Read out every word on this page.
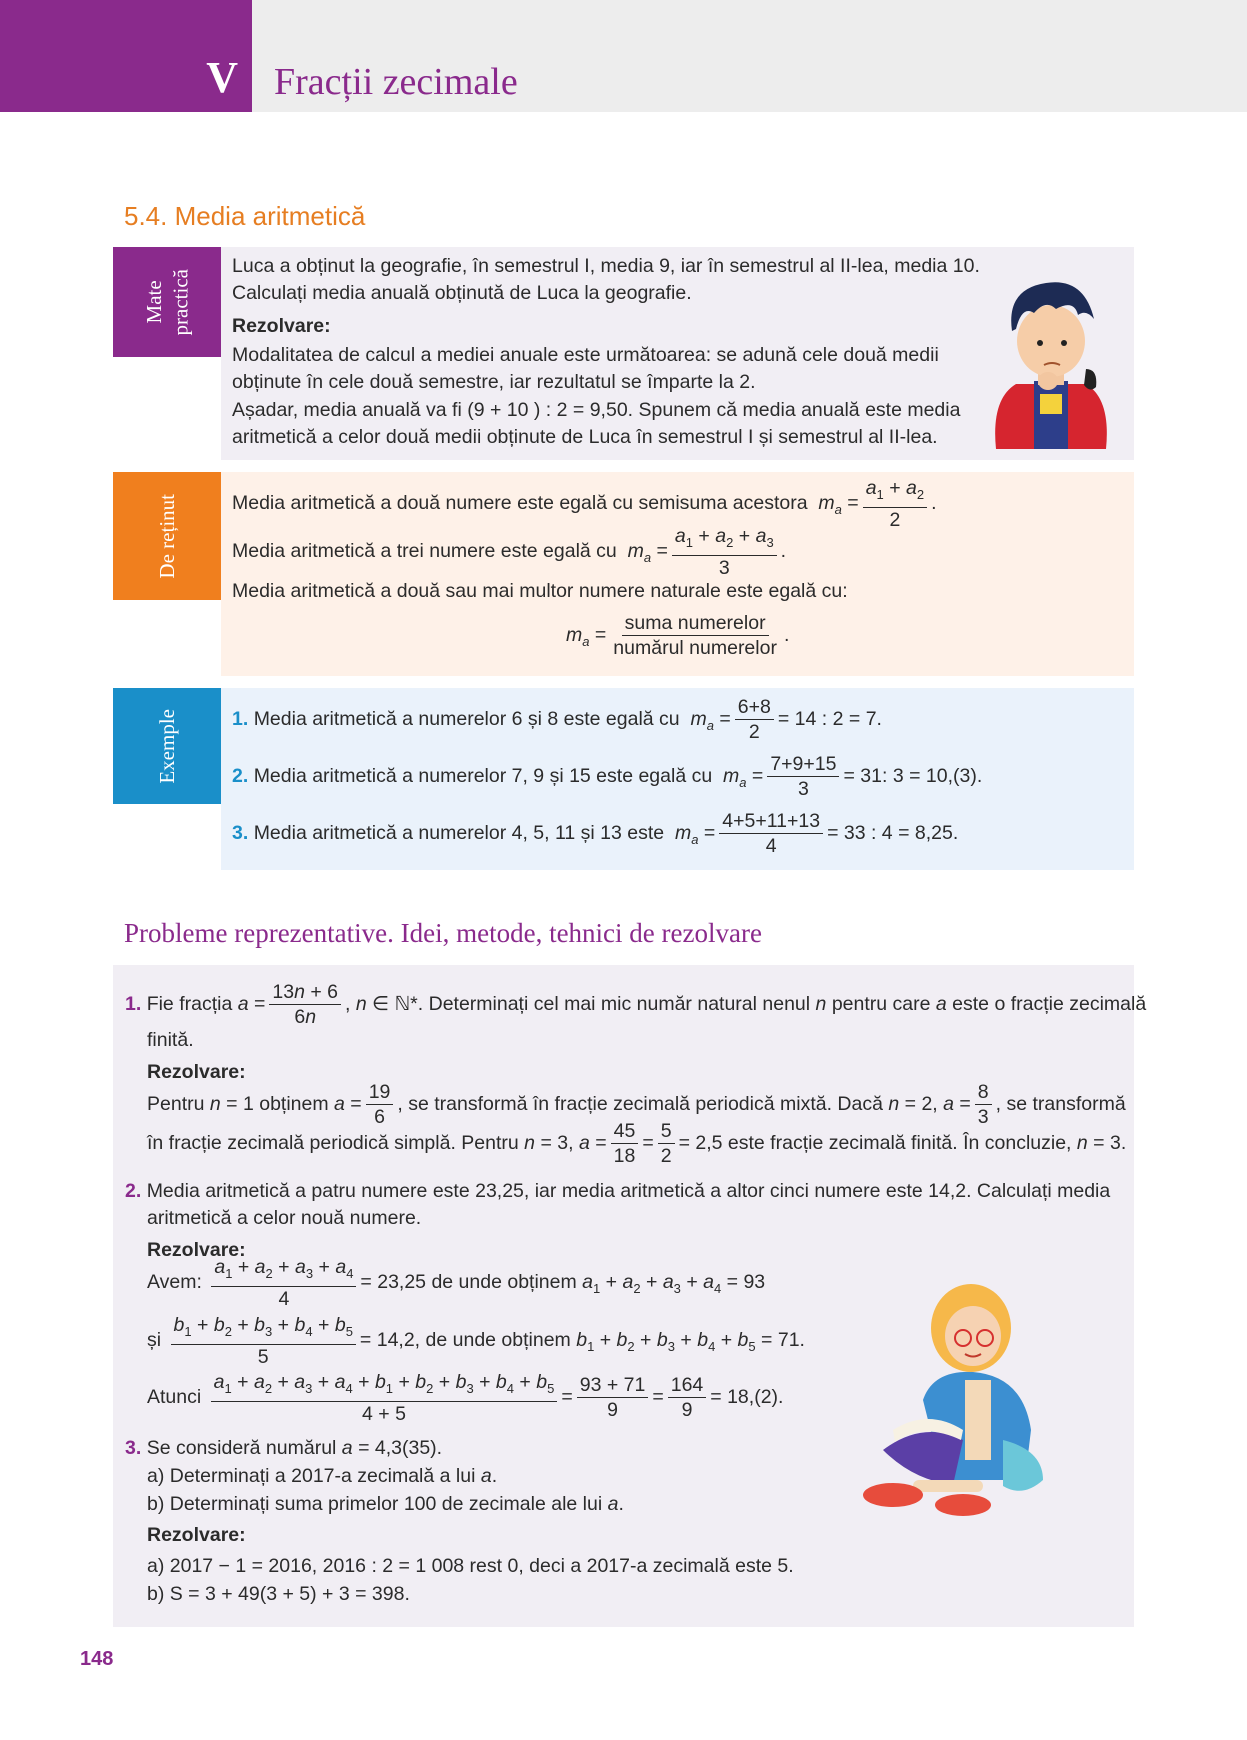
V Fracții zecimale
5.4. Media aritmetică
Mate practică
Luca a obținut la geografie, în semestrul I, media 9, iar în semestrul al II-lea, media 10.
Calculați media anuală obținută de Luca la geografie.
Rezolvare:
Modalitatea de calcul a mediei anuale este următoarea: se adună cele două medii
obținute în cele două semestre, iar rezultatul se împarte la 2.
Așadar, media anuală va fi (9 + 10 ) : 2 = 9,50. Spunem că media anuală este media
aritmetică a celor două medii obținute de Luca în semestrul I și semestrul al II-lea.
De reținut	Media aritmetică a două numere este egală cu semisuma acestora $m_a = \frac{a_1 + a_2}{2}$ .
Media aritmetică a trei numere este egală cu $m_a = \frac{a_1 + a_2 + a_3}{3}$ .
Media aritmetică a două sau mai multor numere naturale este egală cu:
$m_a = \frac{\text{suma numerelor}}{\text{numărul numerelor}}$ .
Exemple	1. Media aritmetică a numerelor 6 și 8 este egală cu $m_a = \frac{6+8}{2} = 14$ : 2 = 7.
2. Media aritmetică a numerelor 7, 9 și 15 este egală cu $m_a = \frac{7+9+15}{3} = 31$: 3 = 10,(3).
3. Media aritmetică a numerelor 4, 5, 11 și 13 este $m_a = \frac{4+5+11+13}{4} = 33$ : 4 = 8,25.
Probleme reprezentative. Idei, metode, tehnici de rezolvare
1. Fie fracția $a = \frac{13n + 6}{6n}$ , n ∈ ℕ*. Determinați cel mai mic număr natural nenul n pentru care a este o fracție zecimală
finită.
Rezolvare:
Pentru n = 1 obținem $a = \frac{19}{6}$ , se transformă în fracție zecimală periodică mixtă. Dacă n = 2, $a = \frac{8}{3}$ , se transformă
în fracție zecimală periodică simplă. Pentru n = 3, $a = \frac{45}{18} = \frac{5}{2} = 2,5$ este fracție zecimală finită. În concluzie, n = 3.
2. Media aritmetică a patru numere este 23,25, iar media aritmetică a altor cinci numere este 14,2. Calculați media
aritmetică a celor nouă numere.
Rezolvare:
Avem: $\frac{a_1 + a_2 + a_3 + a_4}{4} = 23,25$ de unde obținem $a_1 + a_2 + a_3 + a_4 = 93$
și $\frac{b_1 + b_2 + b_3 + b_4 + b_5}{5} = 14,2$, de unde obținem $b_1 + b_2 + b_3 + b_4 + b_5 = 71$.
Atunci $\frac{a_1 + a_2 + a_3 + a_4 + b_1 + b_2 + b_3 + b_4 + b_5}{4 + 5} = \frac{93 + 71}{9} = \frac{164}{9} = 18,(2)$.
3. Se consideră numărul a = 4,3(35).
a) Determinați a 2017-a zecimală a lui a.
b) Determinați suma primelor 100 de zecimale ale lui a.
Rezolvare:
a) 2017 − 1 = 2016, 2016 : 2 = 1 008 rest 0, deci a 2017-a zecimală este 5.
b) S = 3 + 49(3 + 5) + 3 = 398.
148
